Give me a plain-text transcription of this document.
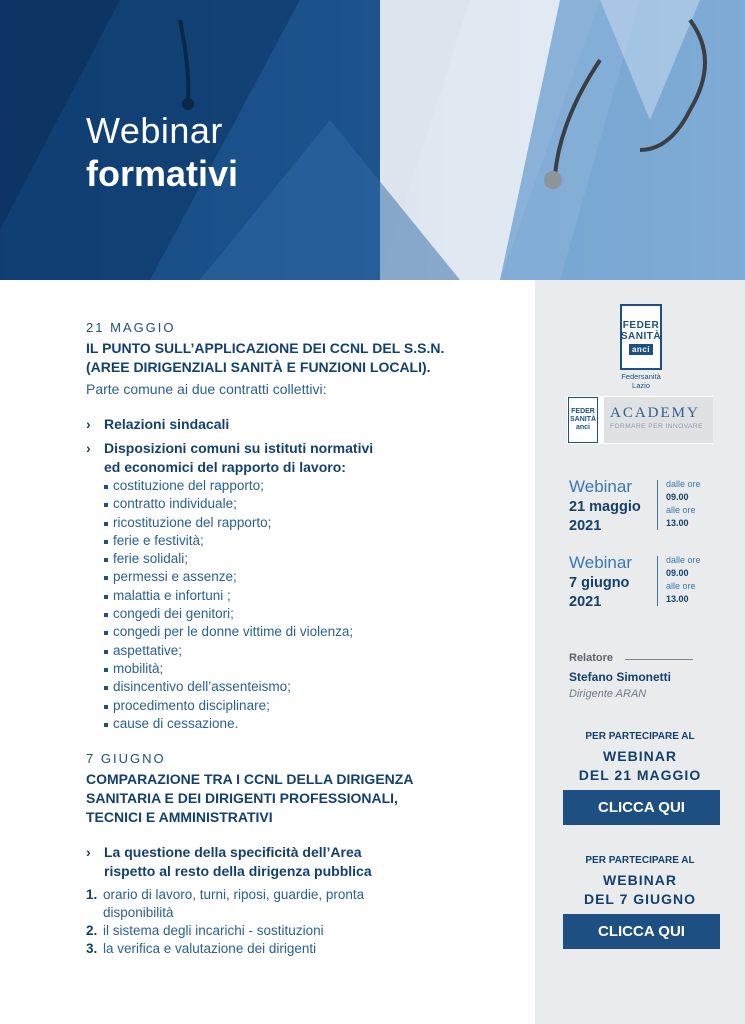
Webinar
formativi
21 MAGGIO
IL PUNTO SULL’APPLICAZIONE DEI CCNL DEL S.S.N.
(AREE DIRIGENZIALI SANITÀ E FUNZIONI LOCALI).
Parte comune ai due contratti collettivi:
› Relazioni sindacali
› Disposizioni comuni su istituti normativi
ed economici del rapporto di lavoro:
costituzione del rapporto;
contratto individuale;
ricostituzione del rapporto;
ferie e festività;
ferie solidali;
permessi e assenze;
malattia e infortuni ;
congedi dei genitori;
congedi per le donne vittime di violenza;
aspettative;
mobilità;
disincentivo dell’assenteismo;
procedimento disciplinare;
cause di cessazione.
7 GIUGNO
COMPARAZIONE TRA I CCNL DELLA DIRIGENZA
SANITARIA E DEI DIRIGENTI PROFESSIONALI,
TECNICI E AMMINISTRATIVI
› La questione della specificità dell’Area
rispetto al resto della dirigenza pubblica
1. orario di lavoro, turni, riposi, guardie, pronta
disponibilità
2. il sistema degli incarichi - sostituzioni
3. la verifica e valutazione dei dirigenti
FEDER
SANITÀ
anci
Federsanità
Lazio
FEDER
SANITÀ
anci
ACADEMY
FORMARE PER INNOVARE
Webinar
21 maggio
2021
dalle ore
09.00
alle ore
13.00
Webinar
7 giugno
2021
dalle ore
09.00
alle ore
13.00
Relatore
Stefano Simonetti
Dirigente ARAN
PER PARTECIPARE AL
WEBINAR
DEL 21 MAGGIO
CLICCA QUI
PER PARTECIPARE AL
WEBINAR
DEL 7 GIUGNO
CLICCA QUI
